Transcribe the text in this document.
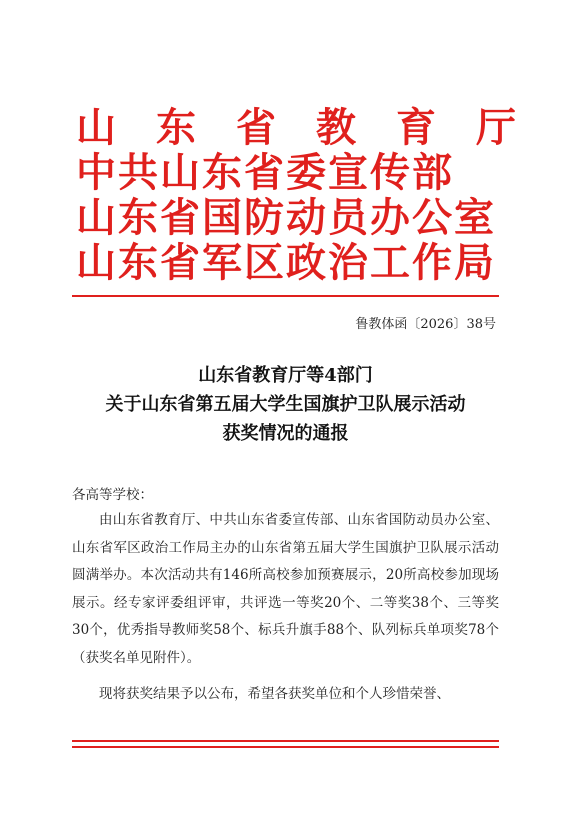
山东省教育厅
中共山东省委宣传部
山东省国防动员办公室
山东省军区政治工作局
鲁教体函〔2026〕38号
山东省教育厅等4部门
关于山东省第五届大学生国旗护卫队展示活动
获奖情况的通报
各高等学校：
由山东省教育厅、中共山东省委宣传部、山东省国防动员办公室、山东省军区政治工作局主办的山东省第五届大学生国旗护卫队展示活动圆满举办。本次活动共有146所高校参加预赛展示，20所高校参加现场展示。经专家评委组评审，共评选一等奖20个、二等奖38个、三等奖30个，优秀指导教师奖58个、标兵升旗手88个、队列标兵单项奖78个（获奖名单见附件）。
现将获奖结果予以公布，希望各获奖单位和个人珍惜荣誉、
